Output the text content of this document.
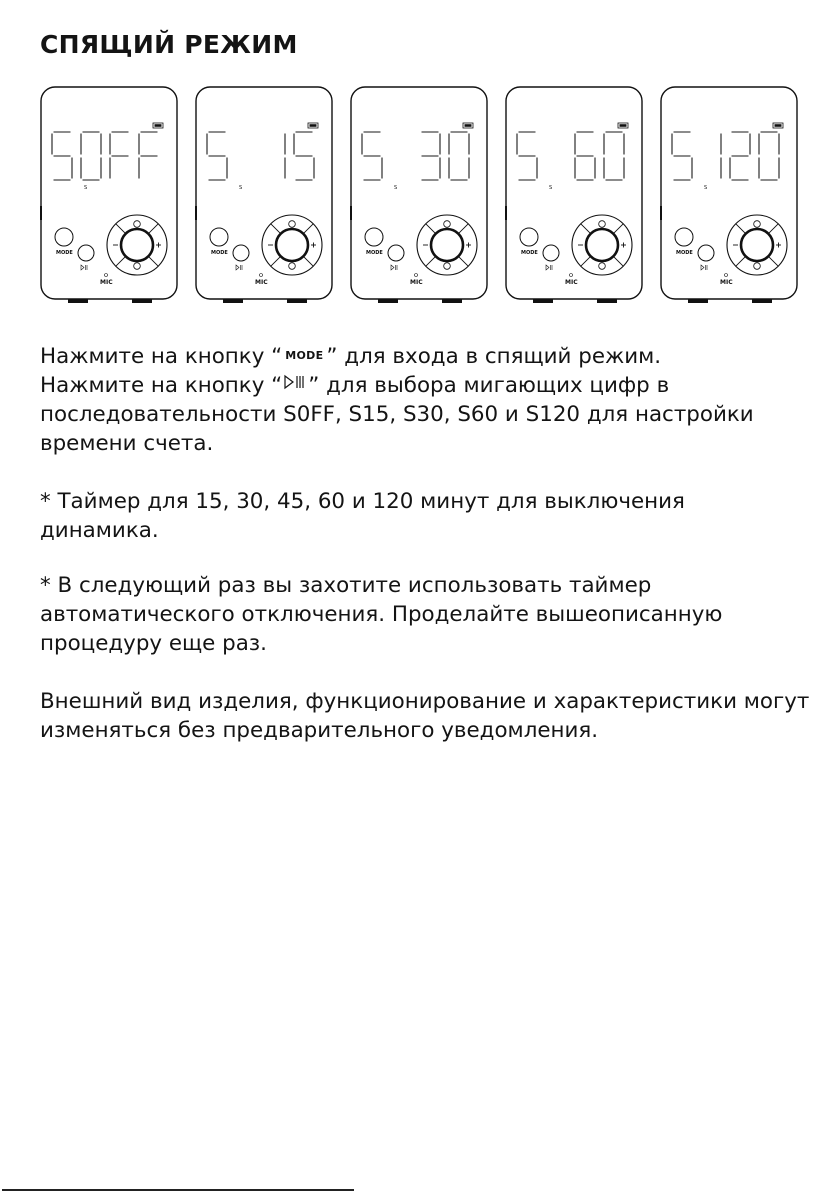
СПЯЩИЙ РЕЖИМ
S
MODE
MIC
S
MODE
MIC
S
MODE
MIC
S
MODE
MIC
S
MODE
MIC

Нажмите на кнопку “ MODE ” для входа в спящий режим.
Нажмите на кнопку “ ” для выбора мигающих цифр в последовательности S0FF, S15, S30, S60 и S120 для настройки времени счета.

* Таймер для 15, 30, 45, 60 и 120 минут для выключения динамика.

* В следующий раз вы захотите использовать таймер автоматического отключения. Проделайте вышеописанную процедуру еще раз.

Внешний вид изделия, функционирование и характеристики могут изменяться без предварительного уведомления.
